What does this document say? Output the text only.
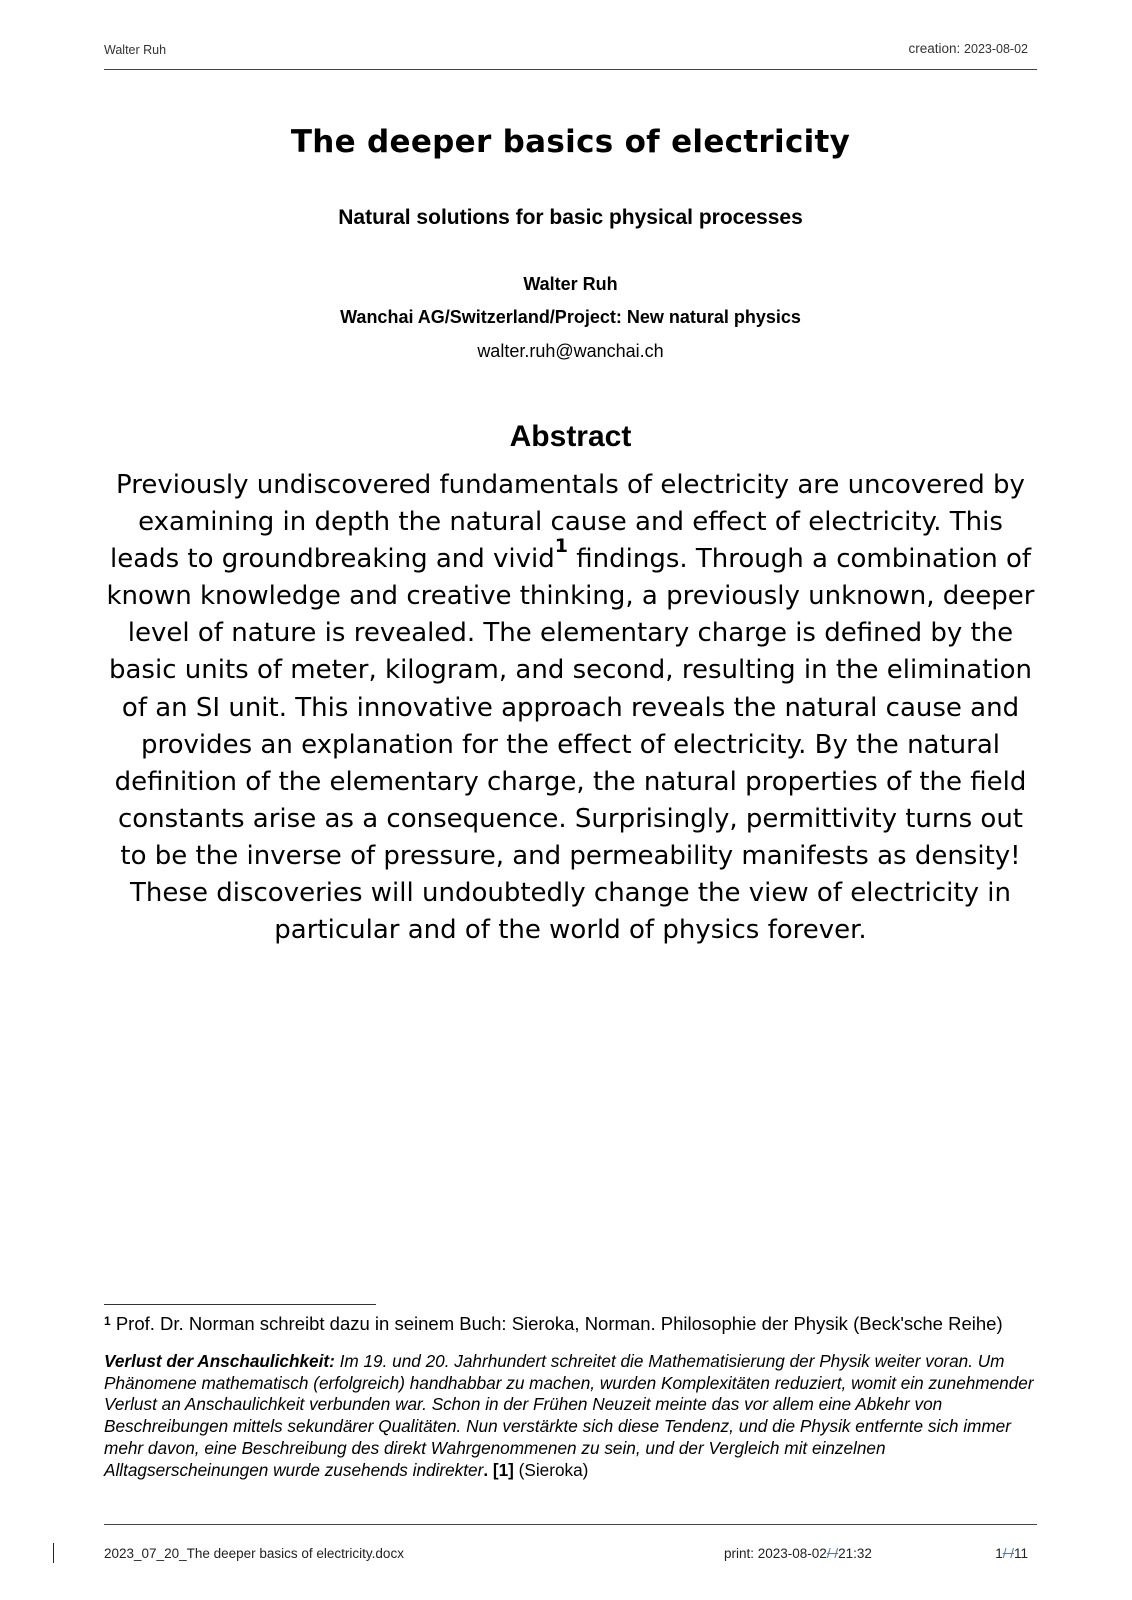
Walter Ruh	creation: 2023-08-02
The deeper basics of electricity
Natural solutions for basic physical processes
Walter Ruh
Wanchai AG/Switzerland/Project: New natural physics
walter.ruh@wanchai.ch
Abstract
Previously undiscovered fundamentals of electricity are uncovered by examining in depth the natural cause and effect of electricity. This leads to groundbreaking and vivid$^1$ findings. Through a combination of known knowledge and creative thinking, a previously unknown, deeper level of nature is revealed. The elementary charge is defined by the basic units of meter, kilogram, and second, resulting in the elimination of an SI unit. This innovative approach reveals the natural cause and provides an explanation for the effect of electricity. By the natural definition of the elementary charge, the natural properties of the field constants arise as a consequence. Surprisingly, permittivity turns out to be the inverse of pressure, and permeability manifests as density! These discoveries will undoubtedly change the view of electricity in particular and of the world of physics forever.
$^1$ Prof. Dr. Norman schreibt dazu in seinem Buch: Sieroka, Norman. Philosophie der Physik (Beck'sche Reihe)
Verlust der Anschaulichkeit: Im 19. und 20. Jahrhundert schreitet die Mathematisierung der Physik weiter voran. Um Phänomene mathematisch (erfolgreich) handhabbar zu machen, wurden Komplexitäten reduziert, womit ein zunehmender Verlust an Anschaulichkeit verbunden war. Schon in der Frühen Neuzeit meinte das vor allem eine Abkehr von Beschreibungen mittels sekundärer Qualitäten. Nun verstärkte sich diese Tendenz, und die Physik entfernte sich immer mehr davon, eine Beschreibung des direkt Wahrgenommenen zu sein, und der Vergleich mit einzelnen Alltagserscheinungen wurde zusehends indirekter. [1] (Sieroka)
2023_07_20_The deeper basics of electricity.docx	print: 2023-08-02
/ /21:32	1/ /11
